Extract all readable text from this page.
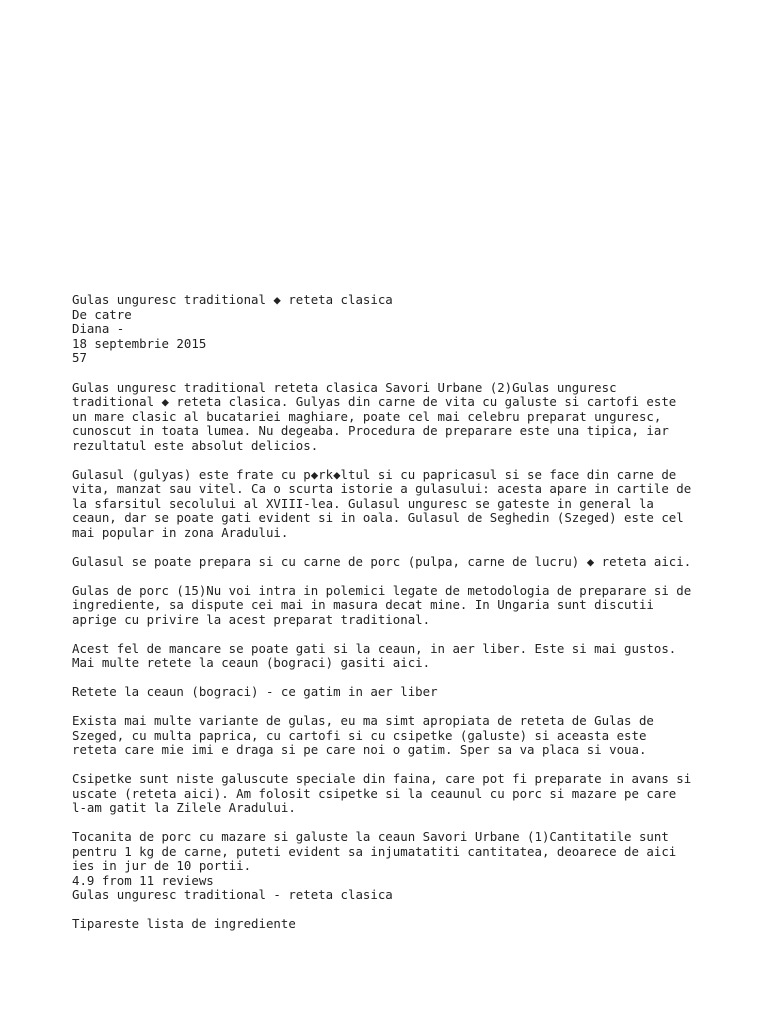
Gulas unguresc traditional ◆ reteta clasica
De catre
Diana -
18 septembrie 2015
57
Gulas unguresc traditional reteta clasica Savori Urbane (2)Gulas unguresc
traditional ◆ reteta clasica. Gulyas din carne de vita cu galuste si cartofi este
un mare clasic al bucatariei maghiare, poate cel mai celebru preparat unguresc,
cunoscut in toata lumea. Nu degeaba. Procedura de preparare este una tipica, iar
rezultatul este absolut delicios.
Gulasul (gulyas) este frate cu p◆rk◆ltul si cu papricasul si se face din carne de
vita, manzat sau vitel. Ca o scurta istorie a gulasului: acesta apare in cartile de
la sfarsitul secolului al XVIII-lea. Gulasul unguresc se gateste in general la
ceaun, dar se poate gati evident si in oala. Gulasul de Seghedin (Szeged) este cel
mai popular in zona Aradului.
Gulasul se poate prepara si cu carne de porc (pulpa, carne de lucru) ◆ reteta aici.
Gulas de porc (15)Nu voi intra in polemici legate de metodologia de preparare si de
ingrediente, sa dispute cei mai in masura decat mine. In Ungaria sunt discutii
aprige cu privire la acest preparat traditional.
Acest fel de mancare se poate gati si la ceaun, in aer liber. Este si mai gustos.
Mai multe retete la ceaun (bograci) gasiti aici.
Retete la ceaun (bograci) - ce gatim in aer liber
Exista mai multe variante de gulas, eu ma simt apropiata de reteta de Gulas de
Szeged, cu multa paprica, cu cartofi si cu csipetke (galuste) si aceasta este
reteta care mie imi e draga si pe care noi o gatim. Sper sa va placa si voua.
Csipetke sunt niste galuscute speciale din faina, care pot fi preparate in avans si
uscate (reteta aici). Am folosit csipetke si la ceaunul cu porc si mazare pe care
l-am gatit la Zilele Aradului.
Tocanita de porc cu mazare si galuste la ceaun Savori Urbane (1)Cantitatile sunt
pentru 1 kg de carne, puteti evident sa injumatatiti cantitatea, deoarece de aici
ies in jur de 10 portii.
4.9 from 11 reviews
Gulas unguresc traditional - reteta clasica
Tipareste lista de ingrediente
